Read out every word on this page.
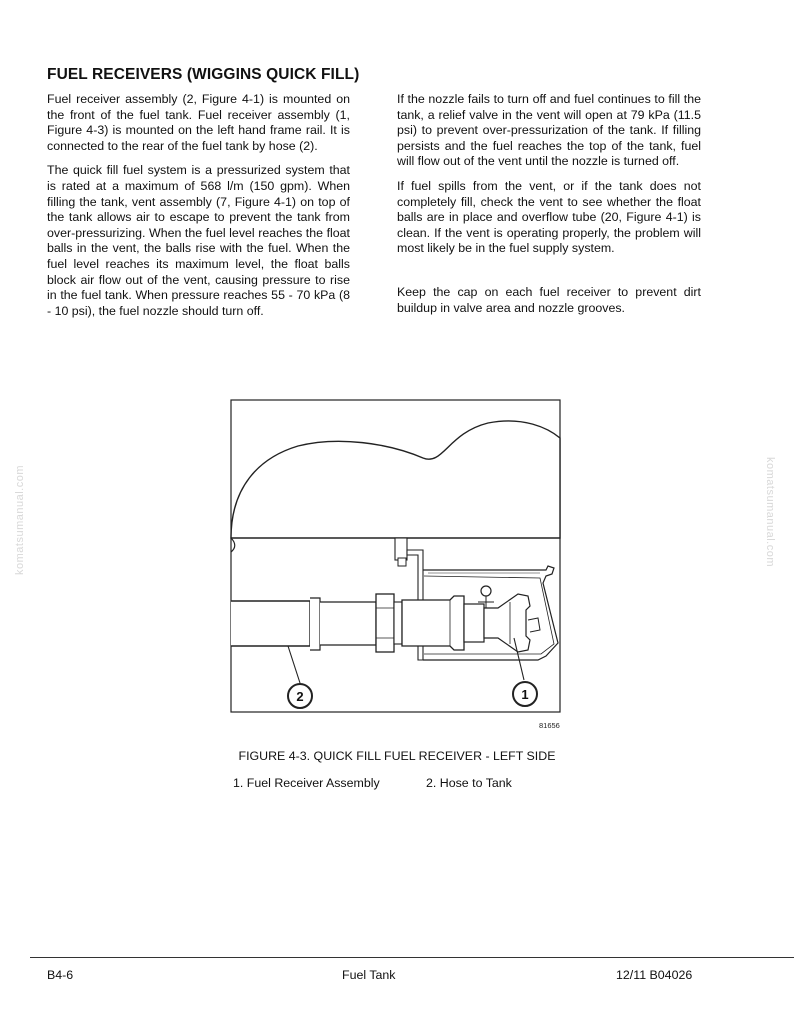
FUEL RECEIVERS (WIGGINS QUICK FILL)

Fuel receiver assembly (2, Figure 4-1) is mounted on the front of the fuel tank. Fuel receiver assembly (1, Figure 4-3) is mounted on the left hand frame rail. It is connected to the rear of the fuel tank by hose (2).

The quick fill fuel system is a pressurized system that is rated at a maximum of 568 l/m (150 gpm). When filling the tank, vent assembly (7, Figure 4-1) on top of the tank allows air to escape to prevent the tank from over-pressurizing. When the fuel level reaches the float balls in the vent, the balls rise with the fuel. When the fuel level reaches its maximum level, the float balls block air flow out of the vent, causing pressure to rise in the fuel tank. When pressure reaches 55 - 70 kPa (8 - 10 psi), the fuel nozzle should turn off.

If the nozzle fails to turn off and fuel continues to fill the tank, a relief valve in the vent will open at 79 kPa (11.5 psi) to prevent over-pressurization of the tank. If filling persists and the fuel reaches the top of the tank, fuel will flow out of the vent until the nozzle is turned off.

If fuel spills from the vent, or if the tank does not completely fill, check the vent to see whether the float balls are in place and overflow tube (20, Figure 4-1) is clean. If the vent is operating properly, the problem will most likely be in the fuel supply system.

Keep the cap on each fuel receiver to prevent dirt buildup in valve area and nozzle grooves.

komatsumanual.com	komatsumanual.com
2	1
81656
FIGURE 4-3. QUICK FILL FUEL RECEIVER - LEFT SIDE
1. Fuel Receiver Assembly	2. Hose to Tank
B4-6	Fuel Tank	12/11 B04026
